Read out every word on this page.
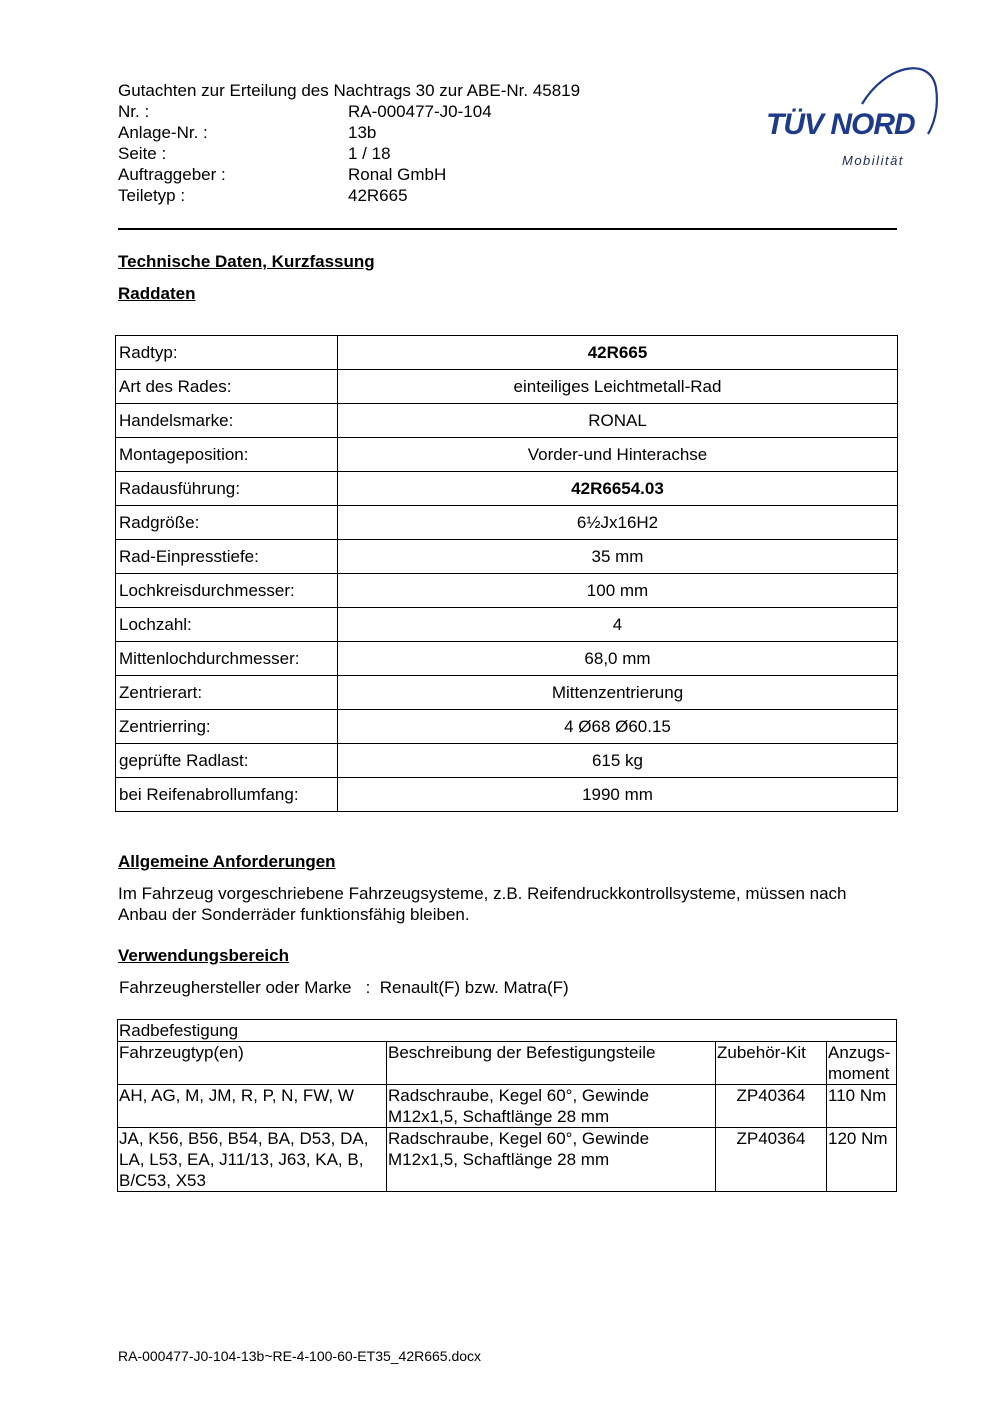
Gutachten zur Erteilung des Nachtrags 30 zur ABE-Nr. 45819
Nr. :	RA-000477-J0-104
Anlage-Nr. :	13b
Seite :	1 / 18
Auftraggeber :	Ronal GmbH
Teiletyp :	42R665
TÜV NORD
Mobilität
Technische Daten, Kurzfassung
Raddaten
Radtyp:	42R665
Art des Rades:	einteiliges Leichtmetall-Rad
Handelsmarke:	RONAL
Montageposition:	Vorder-und Hinterachse
Radausführung:	42R6654.03
Radgröße:	6½Jx16H2
Rad-Einpresstiefe:	35 mm
Lochkreisdurchmesser:	100 mm
Lochzahl:	4
Mittenlochdurchmesser:	68,0 mm
Zentrierart:	Mittenzentrierung
Zentrierring:	4 Ø68 Ø60.15
geprüfte Radlast:	615 kg
bei Reifenabrollumfang:	1990 mm
Allgemeine Anforderungen
Im Fahrzeug vorgeschriebene Fahrzeugsysteme, z.B. Reifendruckkontrollsysteme, müssen nach Anbau der Sonderräder funktionsfähig bleiben.
Verwendungsbereich
Fahrzeughersteller oder Marke   :  Renault(F) bzw. Matra(F)
Radbefestigung			
Fahrzeugtyp(en)	Beschreibung der Befestigungsteile	Zubehör-Kit	Anzugs- moment
AH, AG, M, JM, R, P, N, FW, W	Radschraube, Kegel 60°, Gewinde M12x1,5, Schaftlänge 28 mm	ZP40364	110 Nm
JA, K56, B56, B54, BA, D53, DA, LA, L53, EA, J11/13, J63, KA, B, B/C53, X53	Radschraube, Kegel 60°, Gewinde M12x1,5, Schaftlänge 28 mm	ZP40364	120 Nm
RA-000477-J0-104-13b~RE-4-100-60-ET35_42R665.docx
